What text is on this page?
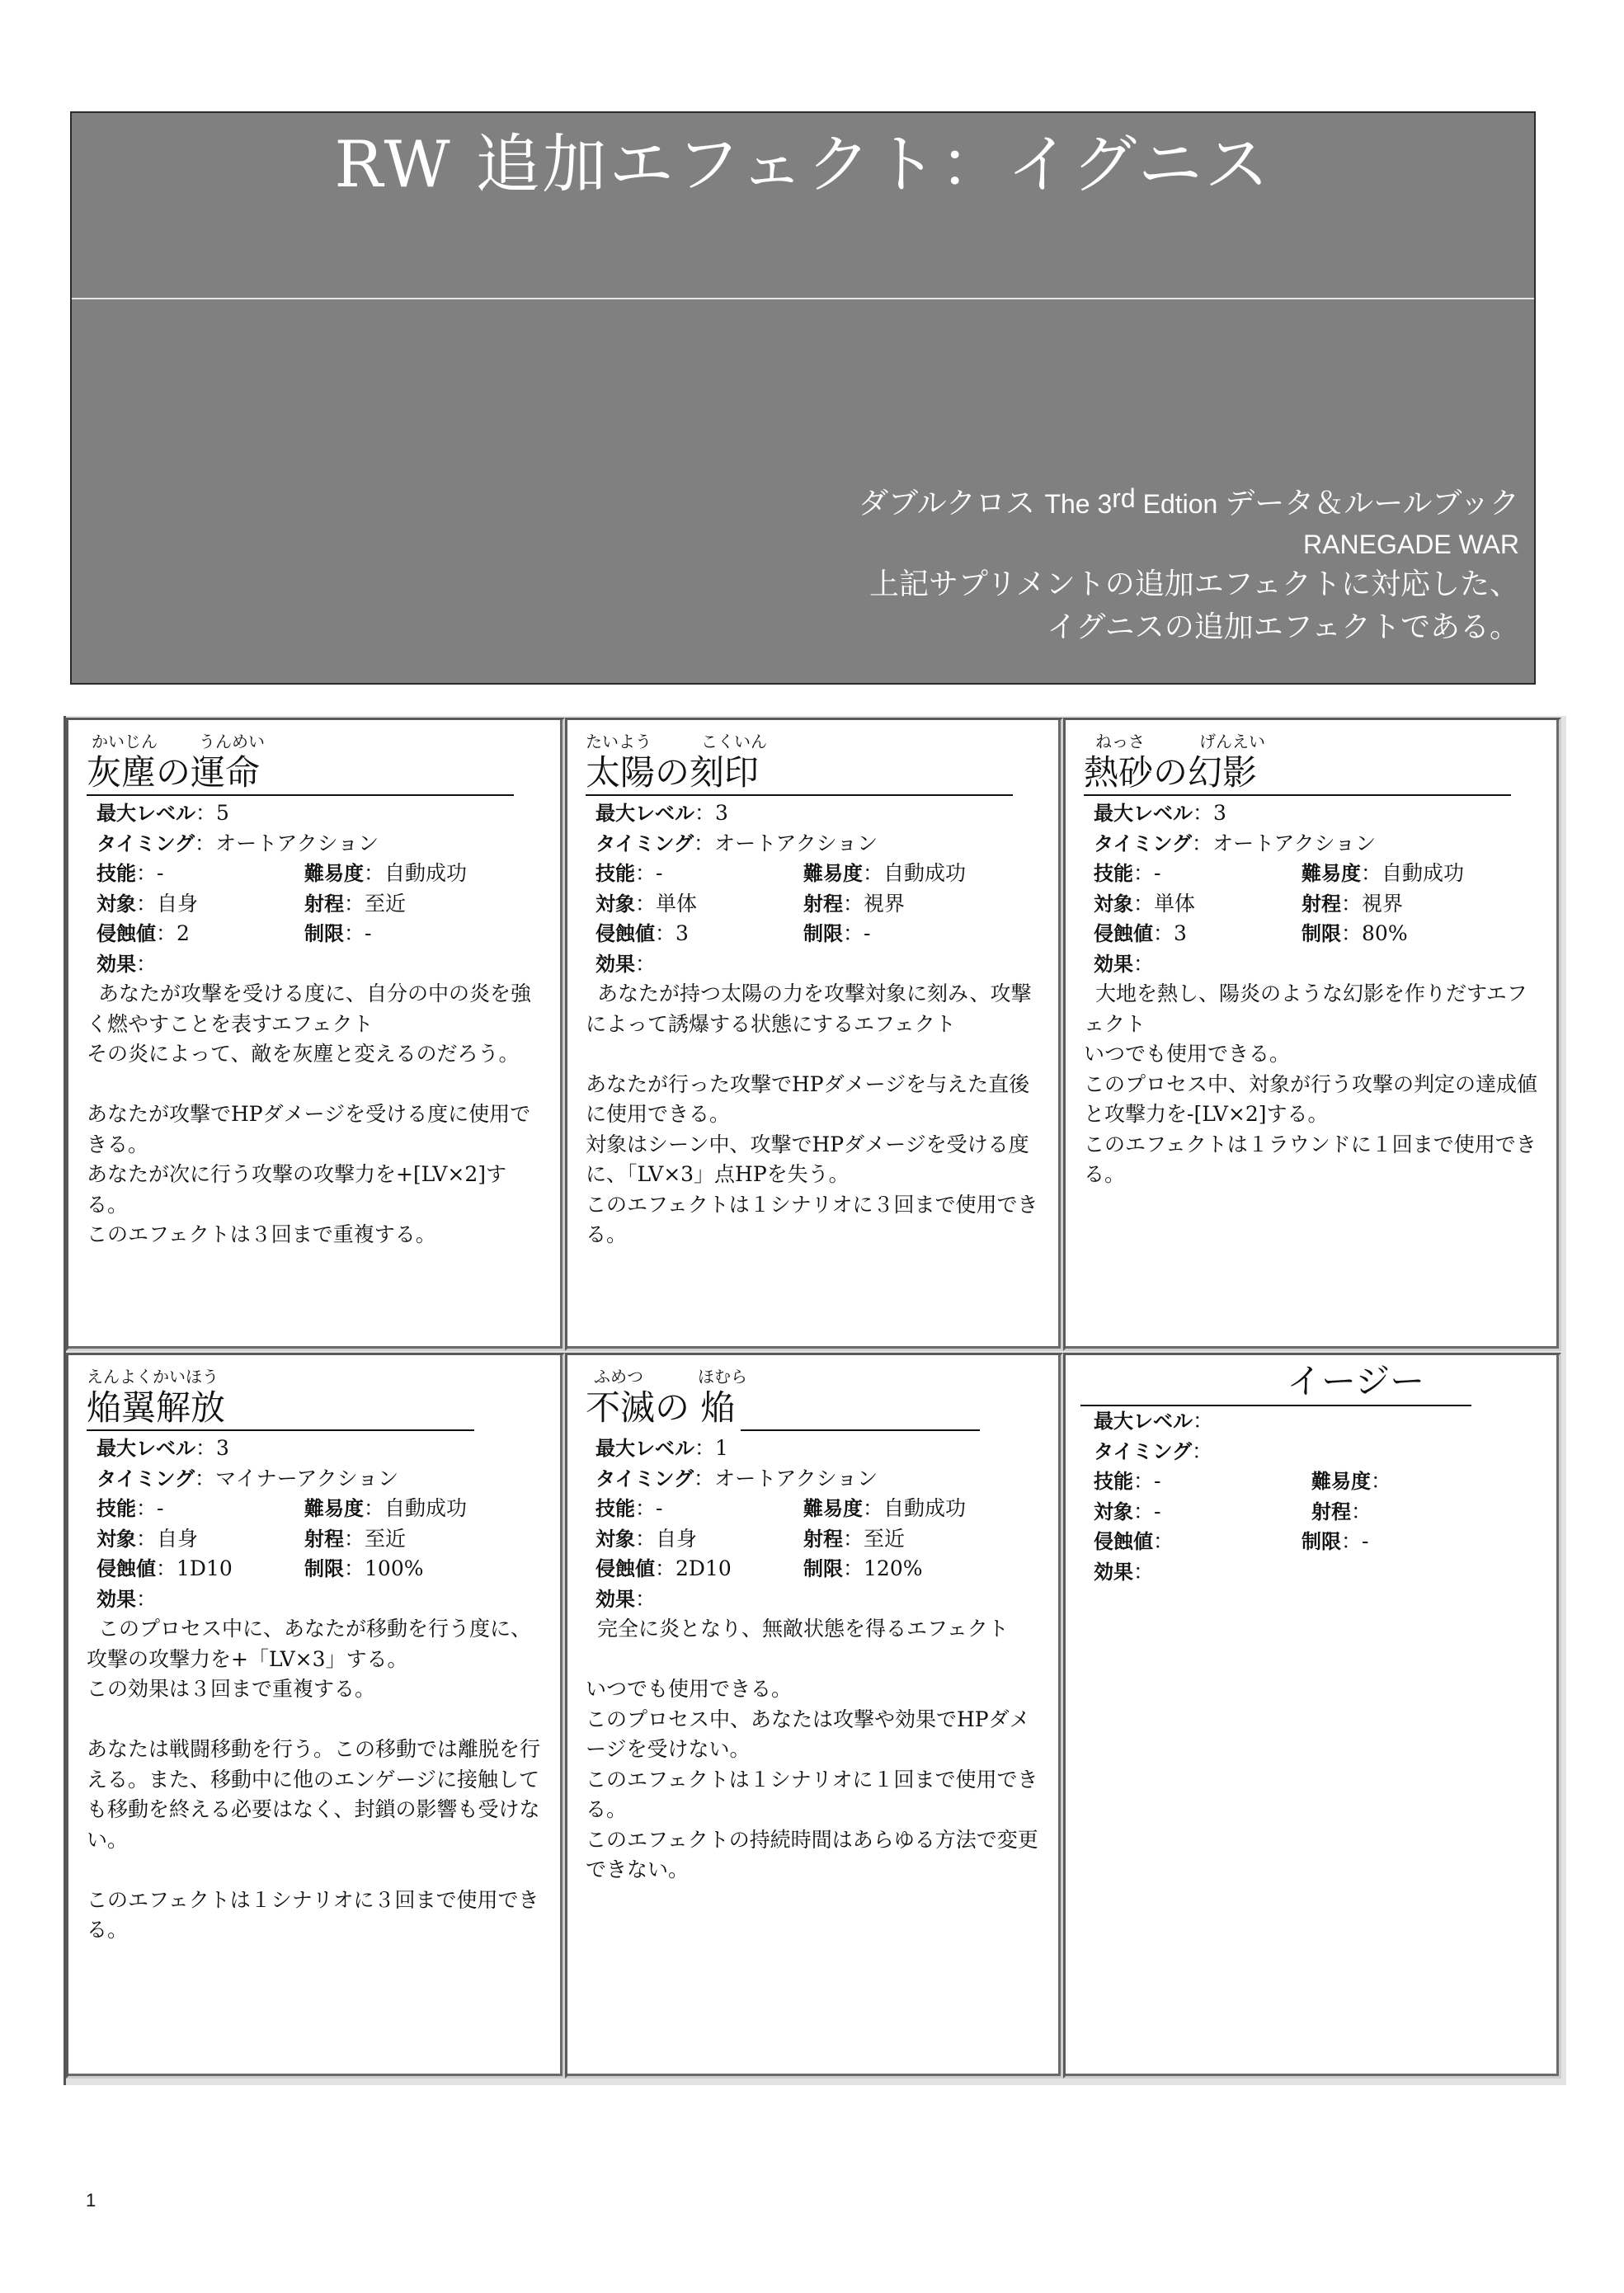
RW 追加エフェクト：イグニス
ダブルクロス The 3rd Edtion データ＆ルールブック
RANEGADE WAR
上記サプリメントの追加エフェクトに対応した、
イグニスの追加エフェクトである。
かいじん	うんめい
灰塵の運命
最大レベル ： 5
タイミング ： オートアクション
技能：-	難易度：自動成功
対象：自身	射程：至近
侵蝕値：2	制限：-
効果 ：
あなたが攻撃を受ける度に、自分の中の炎を強く燃やすことを表すエフェクト
その炎によって、敵を灰塵と変えるのだろう。

あなたが攻撃でHPダメージを受ける度に使用できる。
あなたが次に行う攻撃の攻撃力を+[LV×2]する。
このエフェクトは３回まで重複する。
たいよう	こくいん
太陽の刻印
最大レベル ： 3
タイミング ： オートアクション
技能：-	難易度：自動成功
対象：単体	射程：視界
侵蝕値：3	制限：-
効果 ：
あなたが持つ太陽の力を攻撃対象に刻み、攻撃によって誘爆する状態にするエフェクト

あなたが行った攻撃でHPダメージを与えた直後に使用できる。
対象はシーン中、攻撃でHPダメージを受ける度に、「LV×3」点HPを失う。
このエフェクトは１シナリオに３回まで使用できる。
ねっさ	げんえい
熱砂の幻影
最大レベル ： 3
タイミング ： オートアクション
技能：-	難易度：自動成功
対象：単体	射程：視界
侵蝕値：3	制限：80%
効果 ：
大地を熱し、陽炎のような幻影を作りだすエフェクト
いつでも使用できる。
このプロセス中、対象が行う攻撃の判定の達成値と攻撃力を-[LV×2]する。
このエフェクトは１ラウンドに１回まで使用できる。
えんよくかいほう
焔翼解放
最大レベル ： 3
タイミング ： マイナーアクション
技能：-	難易度：自動成功
対象：自身	射程：至近
侵蝕値：1D10	制限：100%
効果 ：
このプロセス中に、あなたが移動を行う度に、攻撃の攻撃力を+「LV×3」する。
この効果は３回まで重複する。

あなたは戦闘移動を行う。この移動では離脱を行える。また、移動中に他のエンゲージに接触しても移動を終える必要はなく、封鎖の影響も受けない。

このエフェクトは１シナリオに３回まで使用できる。
ふめつ	ほむら
不滅の 焔
最大レベル ： 1
タイミング ： オートアクション
技能：-	難易度：自動成功
対象：自身	射程：至近
侵蝕値：2D10	制限：120%
効果 ：
完全に炎となり、無敵状態を得るエフェクト

いつでも使用できる。
このプロセス中、あなたは攻撃や効果でHPダメージを受けない。
このエフェクトは１シナリオに１回まで使用できる。
このエフェクトの持続時間はあらゆる方法で変更できない。
イージー
最大レベル ：
タイミング ：
技能：-	難易度：
対象：-	射程：
侵蝕値：	制限：-
効果 ：
1
